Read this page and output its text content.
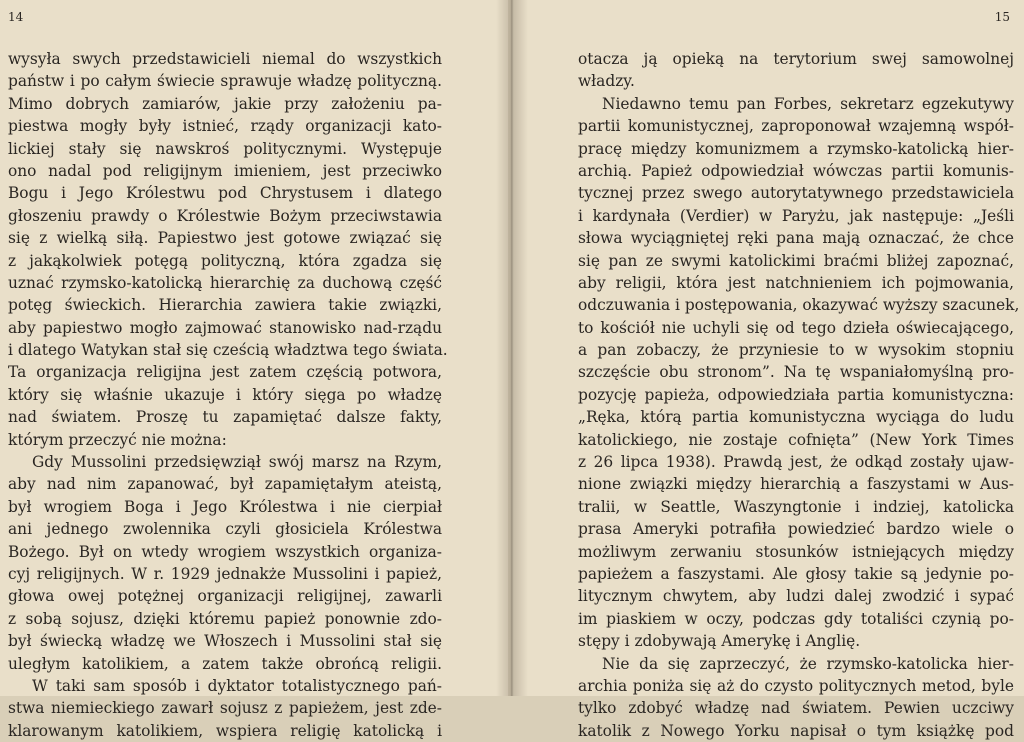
14
wysyła swych przedstawicieli niemal do wszystkich
państw i po całym świecie sprawuje władzę polityczną.
Mimo dobrych zamiarów, jakie przy założeniu pa-
piestwa mogły były istnieć, rządy organizacji kato-
lickiej stały się nawskroś politycznymi. Występuje
ono nadal pod religijnym imieniem, jest przeciwko
Bogu i Jego Królestwu pod Chrystusem i dlatego
głoszeniu prawdy o Królestwie Bożym przeciwstawia
się z wielką siłą. Papiestwo jest gotowe związać się
z jakąkolwiek potęgą polityczną, która zgadza się
uznać rzymsko-katolicką hierarchię za duchową część
potęg świeckich. Hierarchia zawiera takie związki,
aby papiestwo mogło zajmować stanowisko nad-rządu
i dlatego Watykan stał się cześcią władztwa tego świata.
Ta organizacja religijna jest zatem częścią potwora,
który się właśnie ukazuje i który sięga po władzę
nad światem. Proszę tu zapamiętać dalsze fakty,
którym przeczyć nie można:
Gdy Mussolini przedsięwziął swój marsz na Rzym,
aby nad nim zapanować, był zapamiętałym ateistą,
był wrogiem Boga i Jego Królestwa i nie cierpiał
ani jednego zwolennika czyli głosiciela Królestwa
Bożego. Był on wtedy wrogiem wszystkich organiza-
cyj religijnych. W r. 1929 jednakże Mussolini i papież,
głowa owej potężnej organizacji religijnej, zawarli
z sobą sojusz, dzięki któremu papież ponownie zdo-
był świecką władzę we Włoszech i Mussolini stał się
uległym katolikiem, a zatem także obrońcą religii.
W taki sam sposób i dyktator totalistycznego pań-
stwa niemieckiego zawarł sojusz z papieżem, jest zde-
klarowanym katolikiem, wspiera religię katolicką i
15
otacza ją opieką na terytorium swej samowolnej
władzy.
Niedawno temu pan Forbes, sekretarz egzekutywy
partii komunistycznej, zaproponował wzajemną współ-
pracę między komunizmem a rzymsko-katolicką hier-
archią. Papież odpowiedział wówczas partii komunis-
tycznej przez swego autorytatywnego przedstawiciela
i kardynała (Verdier) w Paryżu, jak następuje: „Jeśli
słowa wyciągniętej ręki pana mają oznaczać, że chce
się pan ze swymi katolickimi braćmi bliżej zapoznać,
aby religii, która jest natchnieniem ich pojmowania,
odczuwania i postępowania, okazywać wyższy szacunek,
to kościół nie uchyli się od tego dzieła oświecającego,
a pan zobaczy, że przyniesie to w wysokim stopniu
szczęście obu stronom”. Na tę wspaniałomyślną pro-
pozycję papieża, odpowiedziała partia komunistyczna:
„Ręka, którą partia komunistyczna wyciąga do ludu
katolickiego, nie zostaje cofnięta” (New York Times
z 26 lipca 1938). Prawdą jest, że odkąd zostały ujaw-
nione związki między hierarchią a faszystami w Aus-
tralii, w Seattle, Waszyngtonie i indziej, katolicka
prasa Ameryki potrafiła powiedzieć bardzo wiele o
możliwym zerwaniu stosunków istniejących między
papieżem a faszystami. Ale głosy takie są jedynie po-
litycznym chwytem, aby ludzi dalej zwodzić i sypać
im piaskiem w oczy, podczas gdy totaliści czynią po-
stępy i zdobywają Amerykę i Anglię.
Nie da się zaprzeczyć, że rzymsko-katolicka hier-
archia poniża się aż do czysto politycznych metod, byle
tylko zdobyć władzę nad światem. Pewien uczciwy
katolik z Nowego Yorku napisał o tym książkę pod
